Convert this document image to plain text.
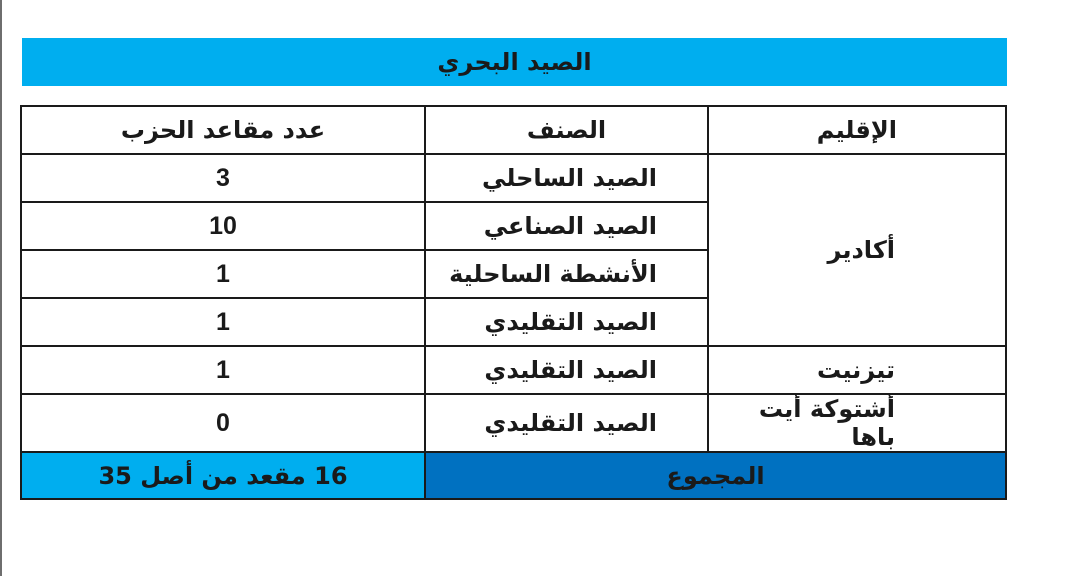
الصيد البحري
الإقليم	الصنف	عدد مقاعد الحزب
أكادير	الصيد الساحلي	3
	الصيد الصناعي	10
	الأنشطة الساحلية	1
	الصيد التقليدي	1
تيزنيت	الصيد التقليدي	1
أشتوكة أيت باها	الصيد التقليدي	0
المجموع		16 مقعد من أصل 35
